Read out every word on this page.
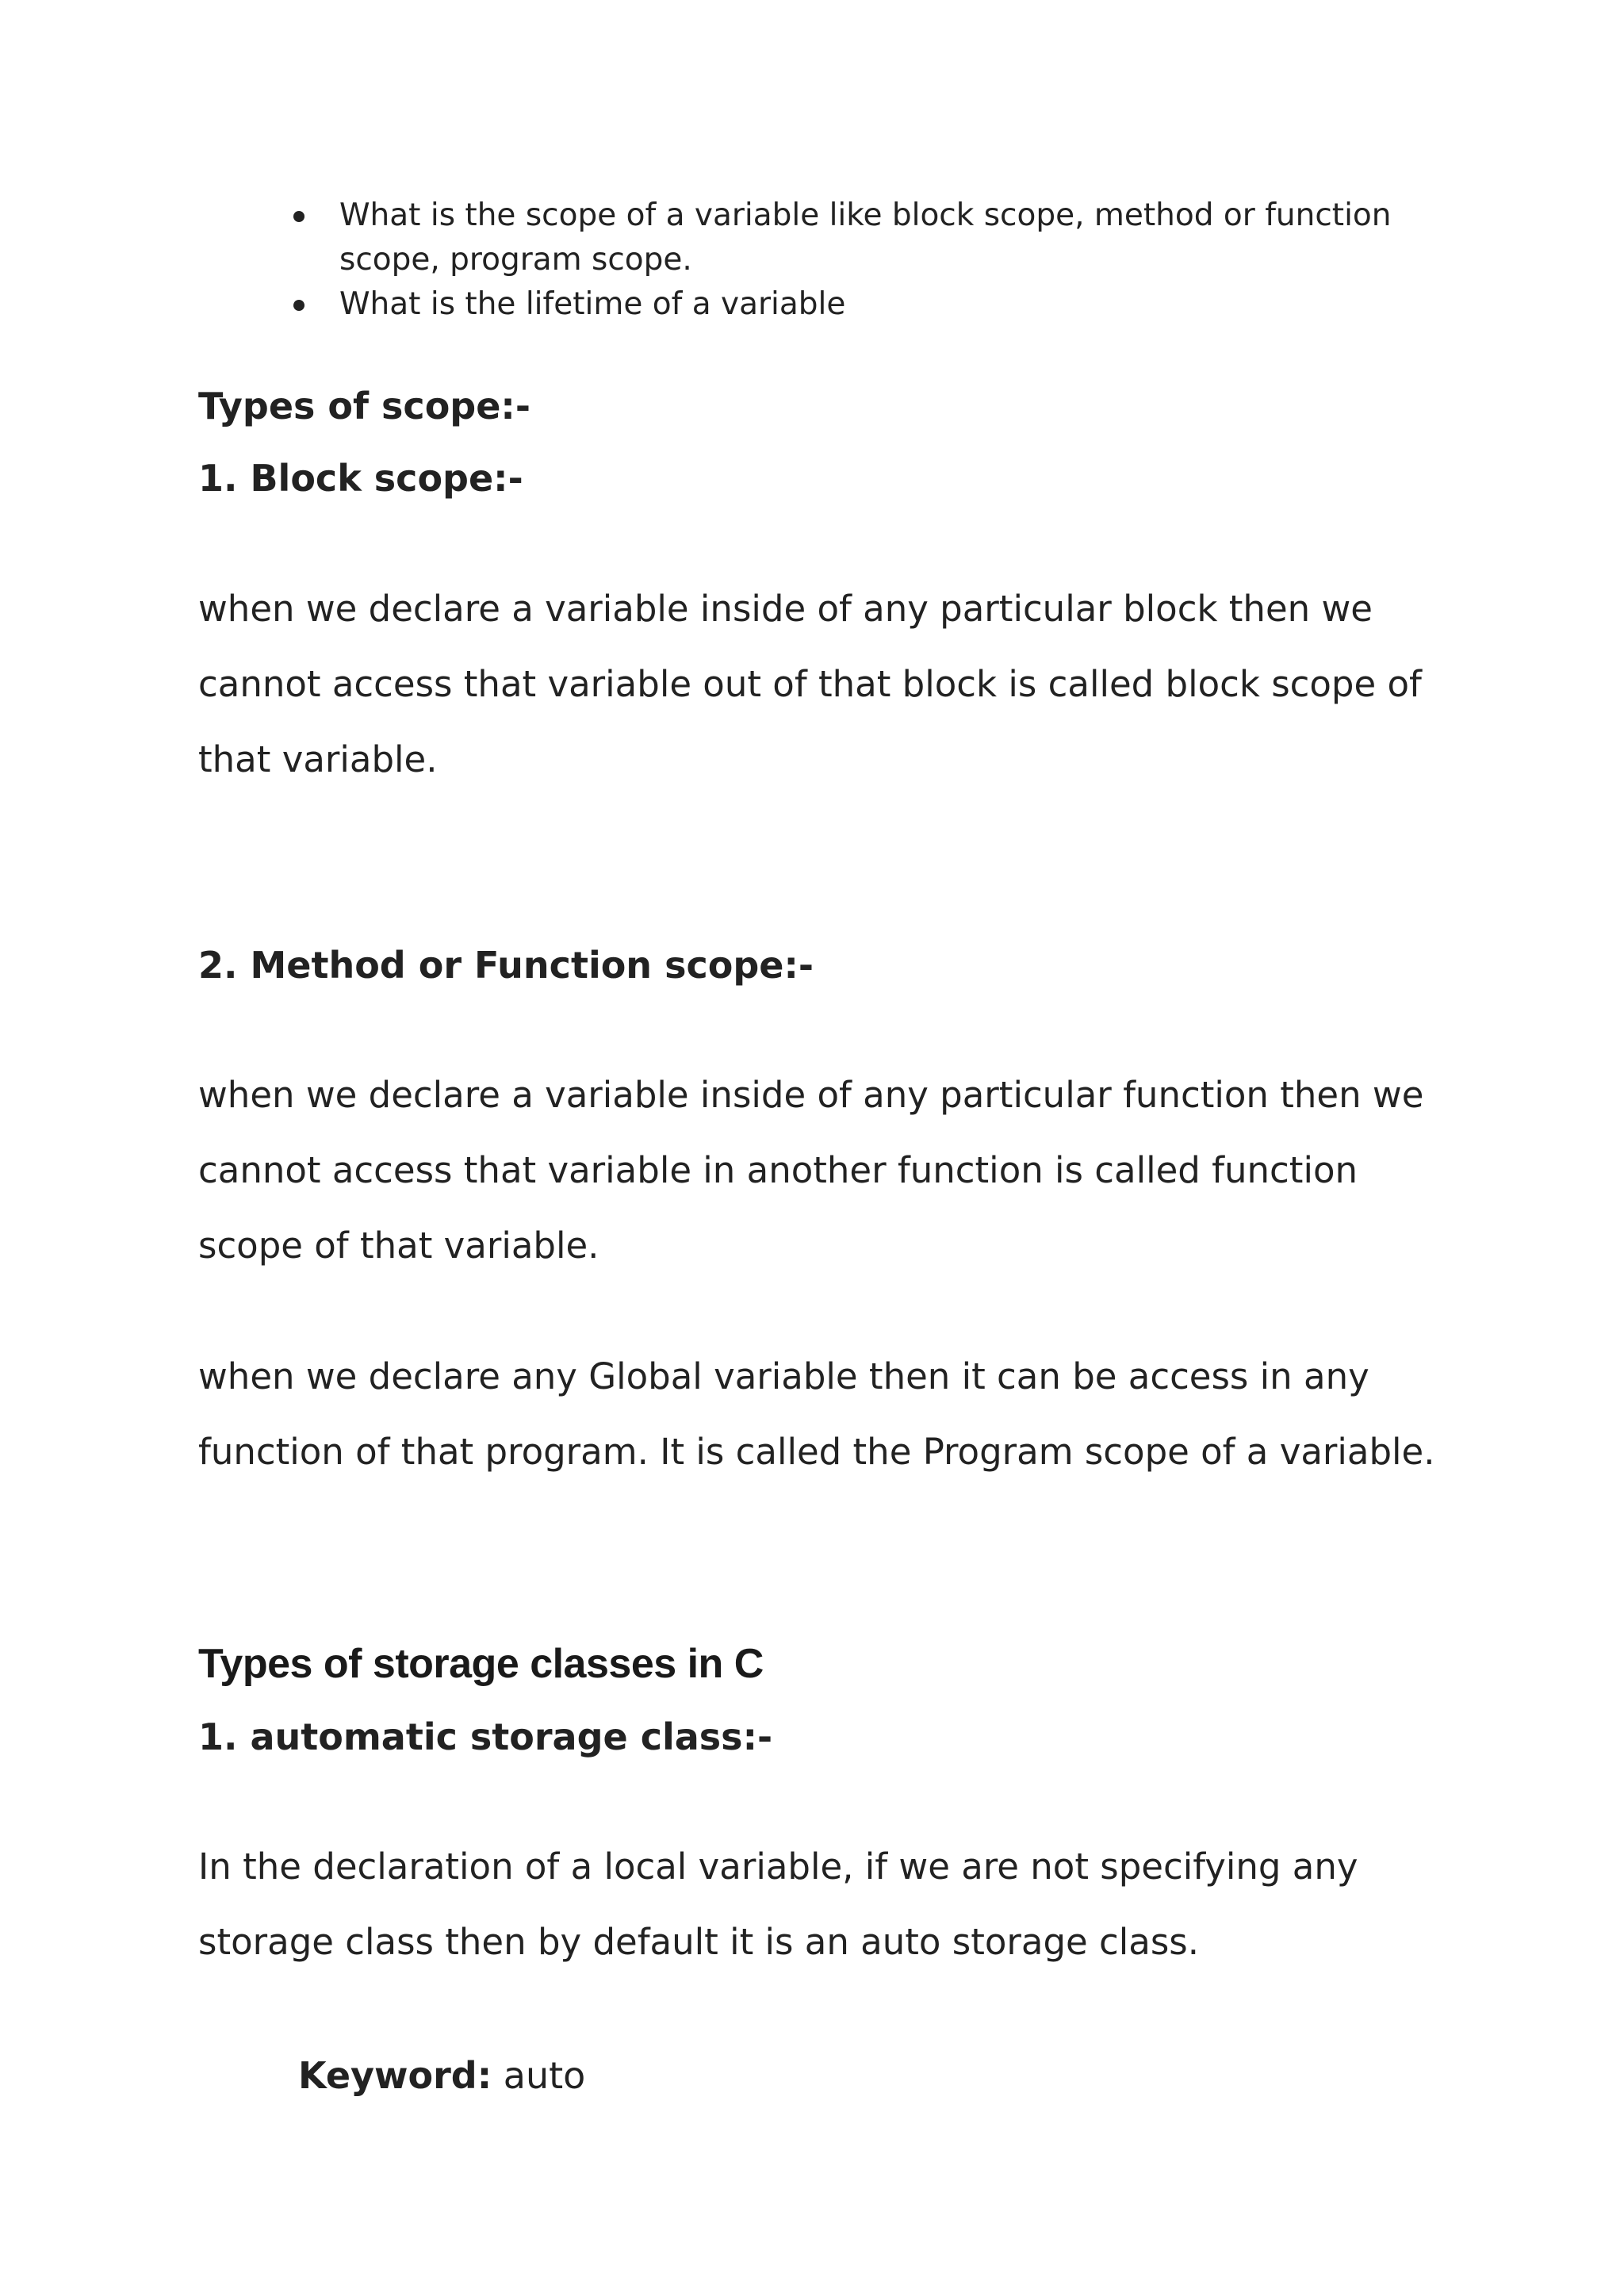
What is the scope of a variable like block scope, method or function scope, program scope.
What is the lifetime of a variable
Types of scope:-
1. Block scope:-

when we declare a variable inside of any particular block then we cannot access that variable out of that block is called block scope of that variable.

2. Method or Function scope:-

when we declare a variable inside of any particular function then we cannot access that variable in another function is called function scope of that variable.

when we declare any Global variable then it can be access in any function of that program. It is called the Program scope of a variable.

Types of storage classes in C
1. automatic storage class:-

In the declaration of a local variable, if we are not specifying any storage class then by default it is an auto storage class.

Keyword: auto
